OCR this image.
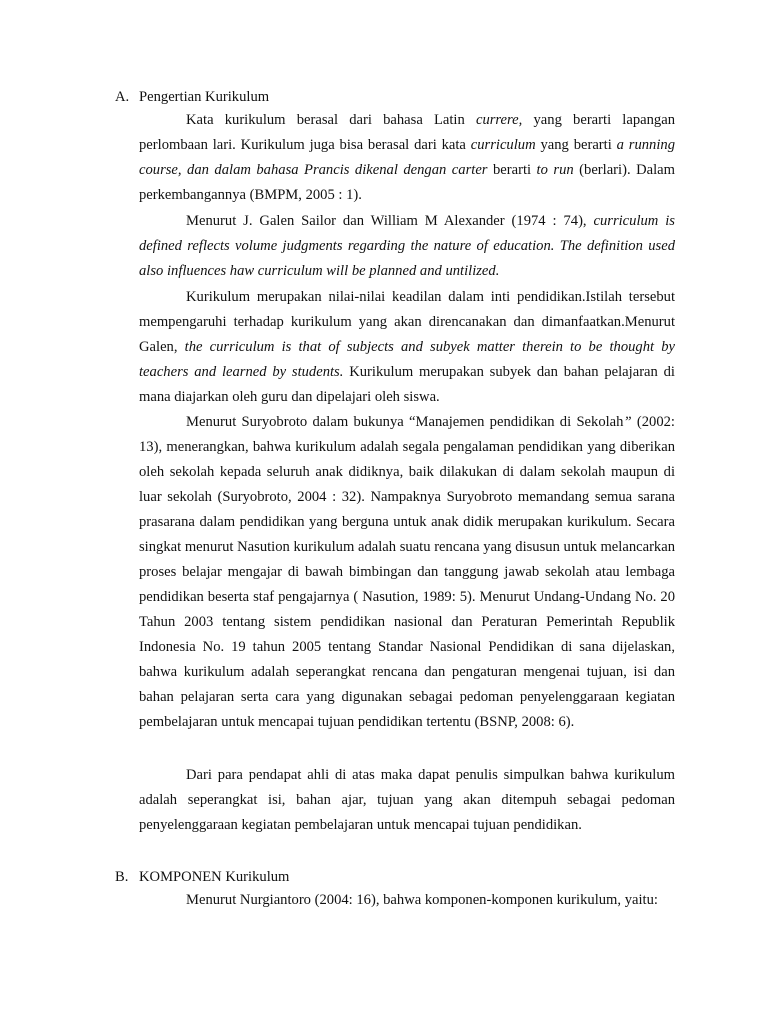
A. Pengertian Kurikulum

Kata kurikulum berasal dari bahasa Latin currere, yang berarti lapangan perlombaan lari. Kurikulum juga bisa berasal dari kata curriculum yang berarti a running course, dan dalam bahasa Prancis dikenal dengan carter berarti to run (berlari). Dalam perkembangannya (BMPM, 2005 : 1).

Menurut J. Galen Sailor dan William M Alexander (1974 : 74), curriculum is defined reflects volume judgments regarding the nature of education. The definition used also influences haw curriculum will be planned and untilized.

Kurikulum merupakan nilai-nilai keadilan dalam inti pendidikan.Istilah tersebut mempengaruhi terhadap kurikulum yang akan direncanakan dan dimanfaatkan.Menurut Galen, the curriculum is that of subjects and subyek matter therein to be thought by teachers and learned by students. Kurikulum merupakan subyek dan bahan pelajaran di mana diajarkan oleh guru dan dipelajari oleh siswa.

Menurut Suryobroto dalam bukunya “Manajemen pendidikan di Sekolah” (2002: 13), menerangkan, bahwa kurikulum adalah segala pengalaman pendidikan yang diberikan oleh sekolah kepada seluruh anak didiknya, baik dilakukan di dalam sekolah maupun di luar sekolah (Suryobroto, 2004 : 32). Nampaknya Suryobroto memandang semua sarana prasarana dalam pendidikan yang berguna untuk anak didik merupakan kurikulum. Secara singkat menurut Nasution kurikulum adalah suatu rencana yang disusun untuk melancarkan proses belajar mengajar di bawah bimbingan dan tanggung jawab sekolah atau lembaga pendidikan beserta staf pengajarnya ( Nasution, 1989: 5). Menurut Undang-Undang No. 20 Tahun 2003 tentang sistem pendidikan nasional dan Peraturan Pemerintah Republik Indonesia No. 19 tahun 2005 tentang Standar Nasional Pendidikan di sana dijelaskan, bahwa kurikulum adalah seperangkat rencana dan pengaturan mengenai tujuan, isi dan bahan pelajaran serta cara yang digunakan sebagai pedoman penyelenggaraan kegiatan pembelajaran untuk mencapai tujuan pendidikan tertentu (BSNP, 2008: 6).

Dari para pendapat ahli di atas maka dapat penulis simpulkan bahwa kurikulum adalah seperangkat isi, bahan ajar, tujuan yang akan ditempuh sebagai pedoman penyelenggaraan kegiatan pembelajaran untuk mencapai tujuan pendidikan.

B. KOMPONEN Kurikulum

Menurut Nurgiantoro (2004: 16), bahwa komponen-komponen kurikulum, yaitu:
